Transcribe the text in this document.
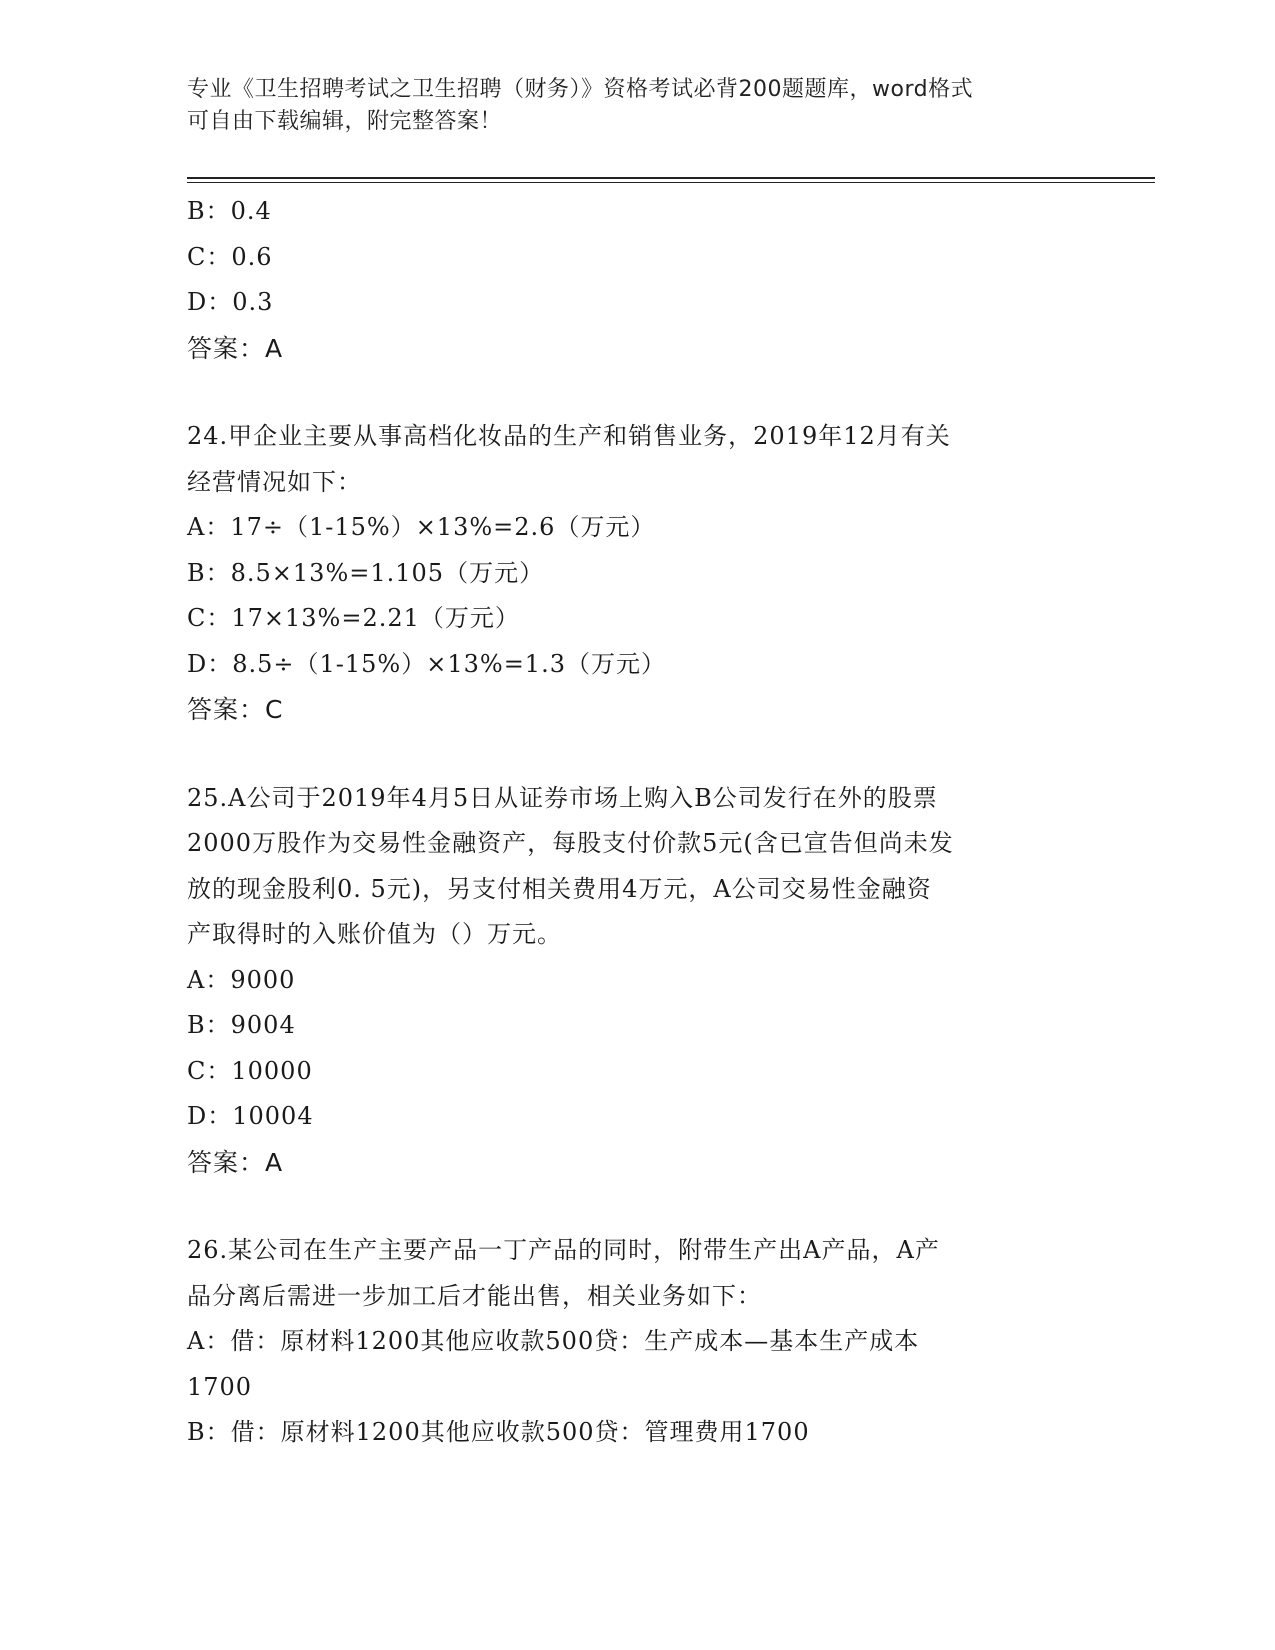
专业《卫生招聘考试之卫生招聘（财务）》资格考试必背200题题库，word格式
可自由下载编辑，附完整答案！
B：0.4
C：0.6
D：0.3
答案：A
24.甲企业主要从事高档化妆品的生产和销售业务，2019年12月有关
经营情况如下：
A：17÷（1-15%）×13%=2.6（万元）
B：8.5×13%=1.105（万元）
C：17×13%=2.21（万元）
D：8.5÷（1-15%）×13%=1.3（万元）
答案：C
25.A公司于2019年4月5日从证券市场上购入B公司发行在外的股票
2000万股作为交易性金融资产，每股支付价款5元(含已宣告但尚未发
放的现金股利0. 5元)，另支付相关费用4万元，A公司交易性金融资
产取得时的入账价值为（）万元。
A：9000
B：9004
C：10000
D：10004
答案：A
26.某公司在生产主要产品一丁产品的同时，附带生产出A产品，A产
品分离后需进一步加工后才能出售，相关业务如下：
A：借：原材料1200其他应收款500贷：生产成本—基本生产成本
1700
B：借：原材料1200其他应收款500贷：管理费用1700
